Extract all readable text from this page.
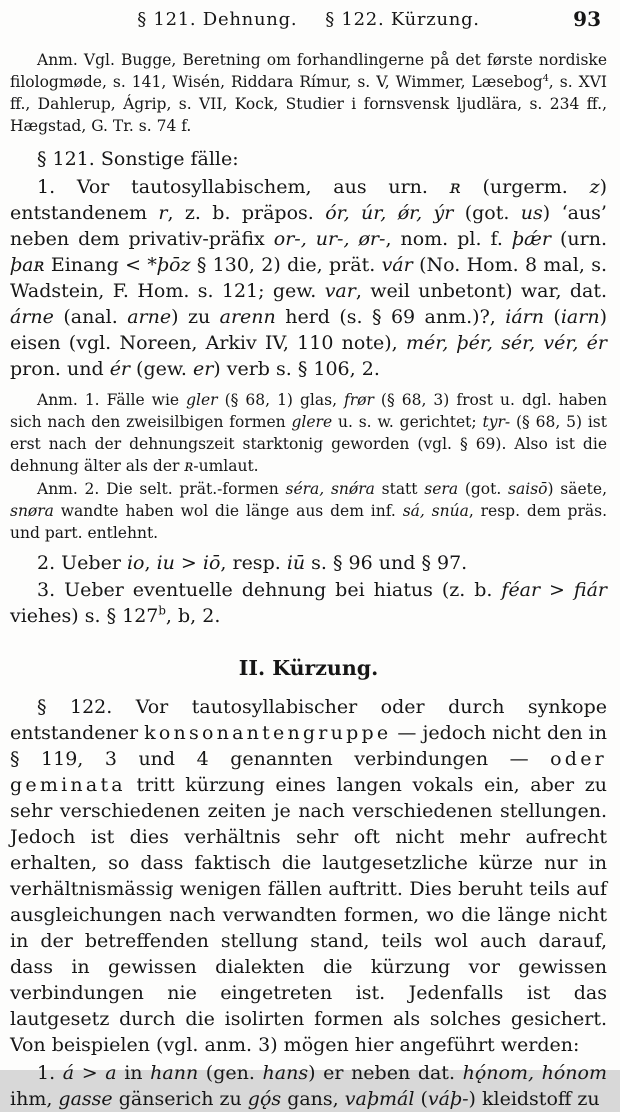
§ 121. Dehnung. § 122. Kürzung.	93

Anm. Vgl. Bugge, Beretning om forhandlingerne på det første nordiske filologmøde, s. 141, Wisén, Riddara Rímur, s. V, Wimmer, Læsebog$^4$, s. XVI ff., Dahlerup, Ágrip, s. VII, Kock, Studier i fornsvensk ljudlära, s. 234 ff., Hægstad, G. Tr. s. 74 f.

§ 121. Sonstige fälle:

1. Vor tautosyllabischem, aus urn. ʀ (urgerm. z) entstandenem r, z. b. präpos. ór, úr, ǿr, ýr (got. us) ‘aus’ neben dem privativ-präfix or-, ur-, ør-, nom. pl. f. þǽr (urn. þaʀ Einang < *þōz § 130, 2) die, prät. vár (No. Hom. 8 mal, s. Wadstein, F. Hom. s. 121; gew. var, weil unbetont) war, dat. árne (anal. arne) zu arenn herd (s. § 69 anm.)?, iárn (iarn) eisen (vgl. Noreen, Arkiv IV, 110 note), mér, þér, sér, vér, ér pron. und ér (gew. er) verb s. § 106, 2.

Anm. 1. Fälle wie gler (§ 68, 1) glas, frør (§ 68, 3) frost u. dgl. haben sich nach den zweisilbigen formen glere u. s. w. gerichtet; tyr- (§ 68, 5) ist erst nach der dehnungszeit starktonig geworden (vgl. § 69). Also ist die dehnung älter als der ʀ-umlaut.

Anm. 2. Die selt. prät.-formen séra, snǿra statt sera (got. saisō) säete, snøra wandte haben wol die länge aus dem inf. sá, snúa, resp. dem präs. und part. entlehnt.

2. Ueber io, iu > iō, resp. iū s. § 96 und § 97.

3. Ueber eventuelle dehnung bei hiatus (z. b. féar > fiár viehes) s. § 127$^b$, b, 2.

II. Kürzung.

§ 122. Vor tautosyllabischer oder durch synkope entstandener konsonantengruppe — jedoch nicht den in § 119, 3 und 4 genannten verbindungen — oder geminata tritt kürzung eines langen vokals ein, aber zu sehr verschiedenen zeiten je nach verschiedenen stellungen. Jedoch ist dies verhältnis sehr oft nicht mehr aufrecht erhalten, so dass faktisch die lautgesetzliche kürze nur in verhältnismässig wenigen fällen auftritt. Dies beruht teils auf ausgleichungen nach verwandten formen, wo die länge nicht in der betreffenden stellung stand, teils wol auch darauf, dass in gewissen dialekten die kürzung vor gewissen verbindungen nie eingetreten ist. Jedenfalls ist das lautgesetz durch die isolirten formen als solches gesichert. Von beispielen (vgl. anm. 3) mögen hier angeführt werden:

1. á > a in hann (gen. hans) er neben dat. hǫ́nom, hónom ihm, gasse gänserich zu gǫ́s gans, vaþmál (váþ-) kleidstoff zu
